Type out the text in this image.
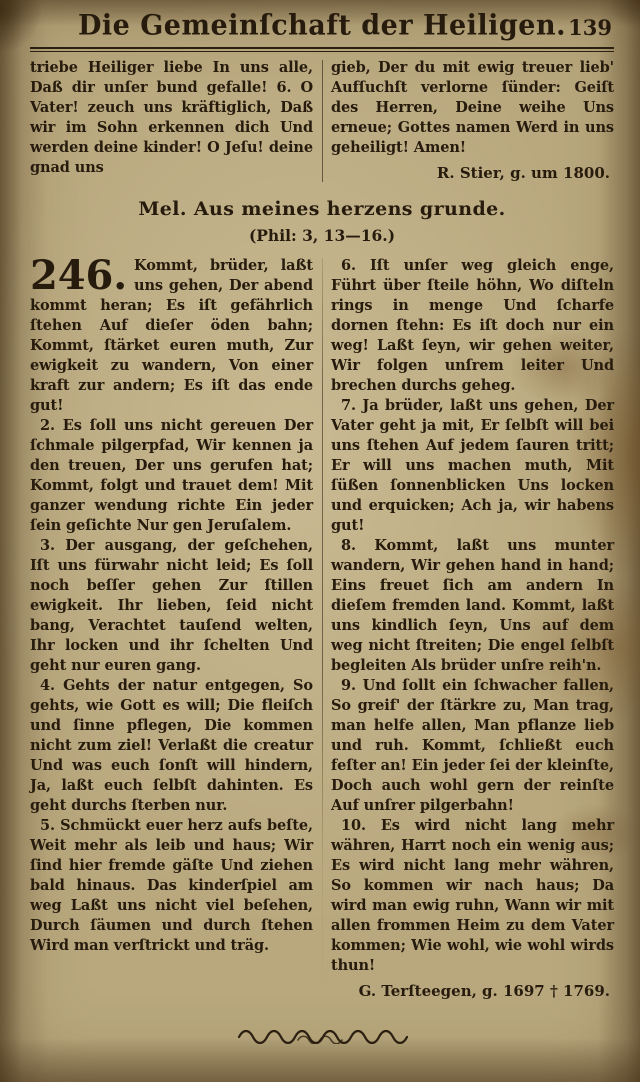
Die Gemeinſchaft der Heiligen. 139

triebe Heiliger liebe In uns alle, Daß dir unſer bund gefalle! 6. O Vater! zeuch uns kräftiglich, Daß wir im Sohn erkennen dich Und werden deine kinder! O Jeſu! deine gnad uns

gieb, Der du mit ewig treuer lieb' Aufſuchſt verlorne ſünder: Geiſt des Herren, Deine weihe Uns erneue; Gottes namen Werd in uns geheiligt! Amen!

R. Stier, g. um 1800.

Mel. Aus meines herzens grunde.

(Phil: 3, 13—16.)

246. Kommt, brüder, laßt uns gehen, Der abend kommt heran; Es iſt gefährlich ſtehen Auf dieſer öden bahn; Kommt, ſtärket euren muth, Zur ewigkeit zu wandern, Von einer kraft zur andern; Es iſt das ende gut!

2. Es ſoll uns nicht gereuen Der ſchmale pilgerpfad, Wir kennen ja den treuen, Der uns gerufen hat; Kommt, folgt und trauet dem! Mit ganzer wendung richte Ein jeder ſein geſichte Nur gen Jeruſalem.

3. Der ausgang, der geſchehen, Iſt uns fürwahr nicht leid; Es ſoll noch beſſer gehen Zur ſtillen ewigkeit. Ihr lieben, ſeid nicht bang, Verachtet tauſend welten, Ihr locken und ihr ſchelten Und geht nur euren gang.

4. Gehts der natur entgegen, So gehts, wie Gott es will; Die fleiſch und ſinne pflegen, Die kommen nicht zum ziel! Verlaßt die creatur Und was euch ſonſt will hindern, Ja, laßt euch ſelbſt dahinten. Es geht durchs ſterben nur.

5. Schmückt euer herz aufs beſte, Weit mehr als leib und haus; Wir ſind hier fremde gäſte Und ziehen bald hinaus. Das kinderſpiel am weg Laßt uns nicht viel beſehen, Durch ſäumen und durch ſtehen Wird man verſtrickt und träg.

6. Iſt unſer weg gleich enge, Führt über ſteile höhn, Wo diſteln rings in menge Und ſcharfe dornen ſtehn: Es iſt doch nur ein weg! Laßt ſeyn, wir gehen weiter, Wir folgen unſrem leiter Und brechen durchs geheg.

7. Ja brüder, laßt uns gehen, Der Vater geht ja mit, Er ſelbſt will bei uns ſtehen Auf jedem ſauren tritt; Er will uns machen muth, Mit ſüßen ſonnenblicken Uns locken und erquicken; Ach ja, wir habens gut!

8. Kommt, laßt uns munter wandern, Wir gehen hand in hand; Eins freuet ſich am andern In dieſem fremden land. Kommt, laßt uns kindlich ſeyn, Uns auf dem weg nicht ſtreiten; Die engel ſelbſt begleiten Als brüder unſre reih'n.

9. Und ſollt ein ſchwacher fallen, So greif' der ſtärkre zu, Man trag, man helfe allen, Man pflanze lieb und ruh. Kommt, ſchließt euch feſter an! Ein jeder ſei der kleinſte, Doch auch wohl gern der reinſte Auf unſrer pilgerbahn!

10. Es wird nicht lang mehr währen, Harrt noch ein wenig aus; Es wird nicht lang mehr währen, So kommen wir nach haus; Da wird man ewig ruhn, Wann wir mit allen frommen Heim zu dem Vater kommen; Wie wohl, wie wohl wirds thun!

G. Terſteegen, g. 1697 † 1769.
